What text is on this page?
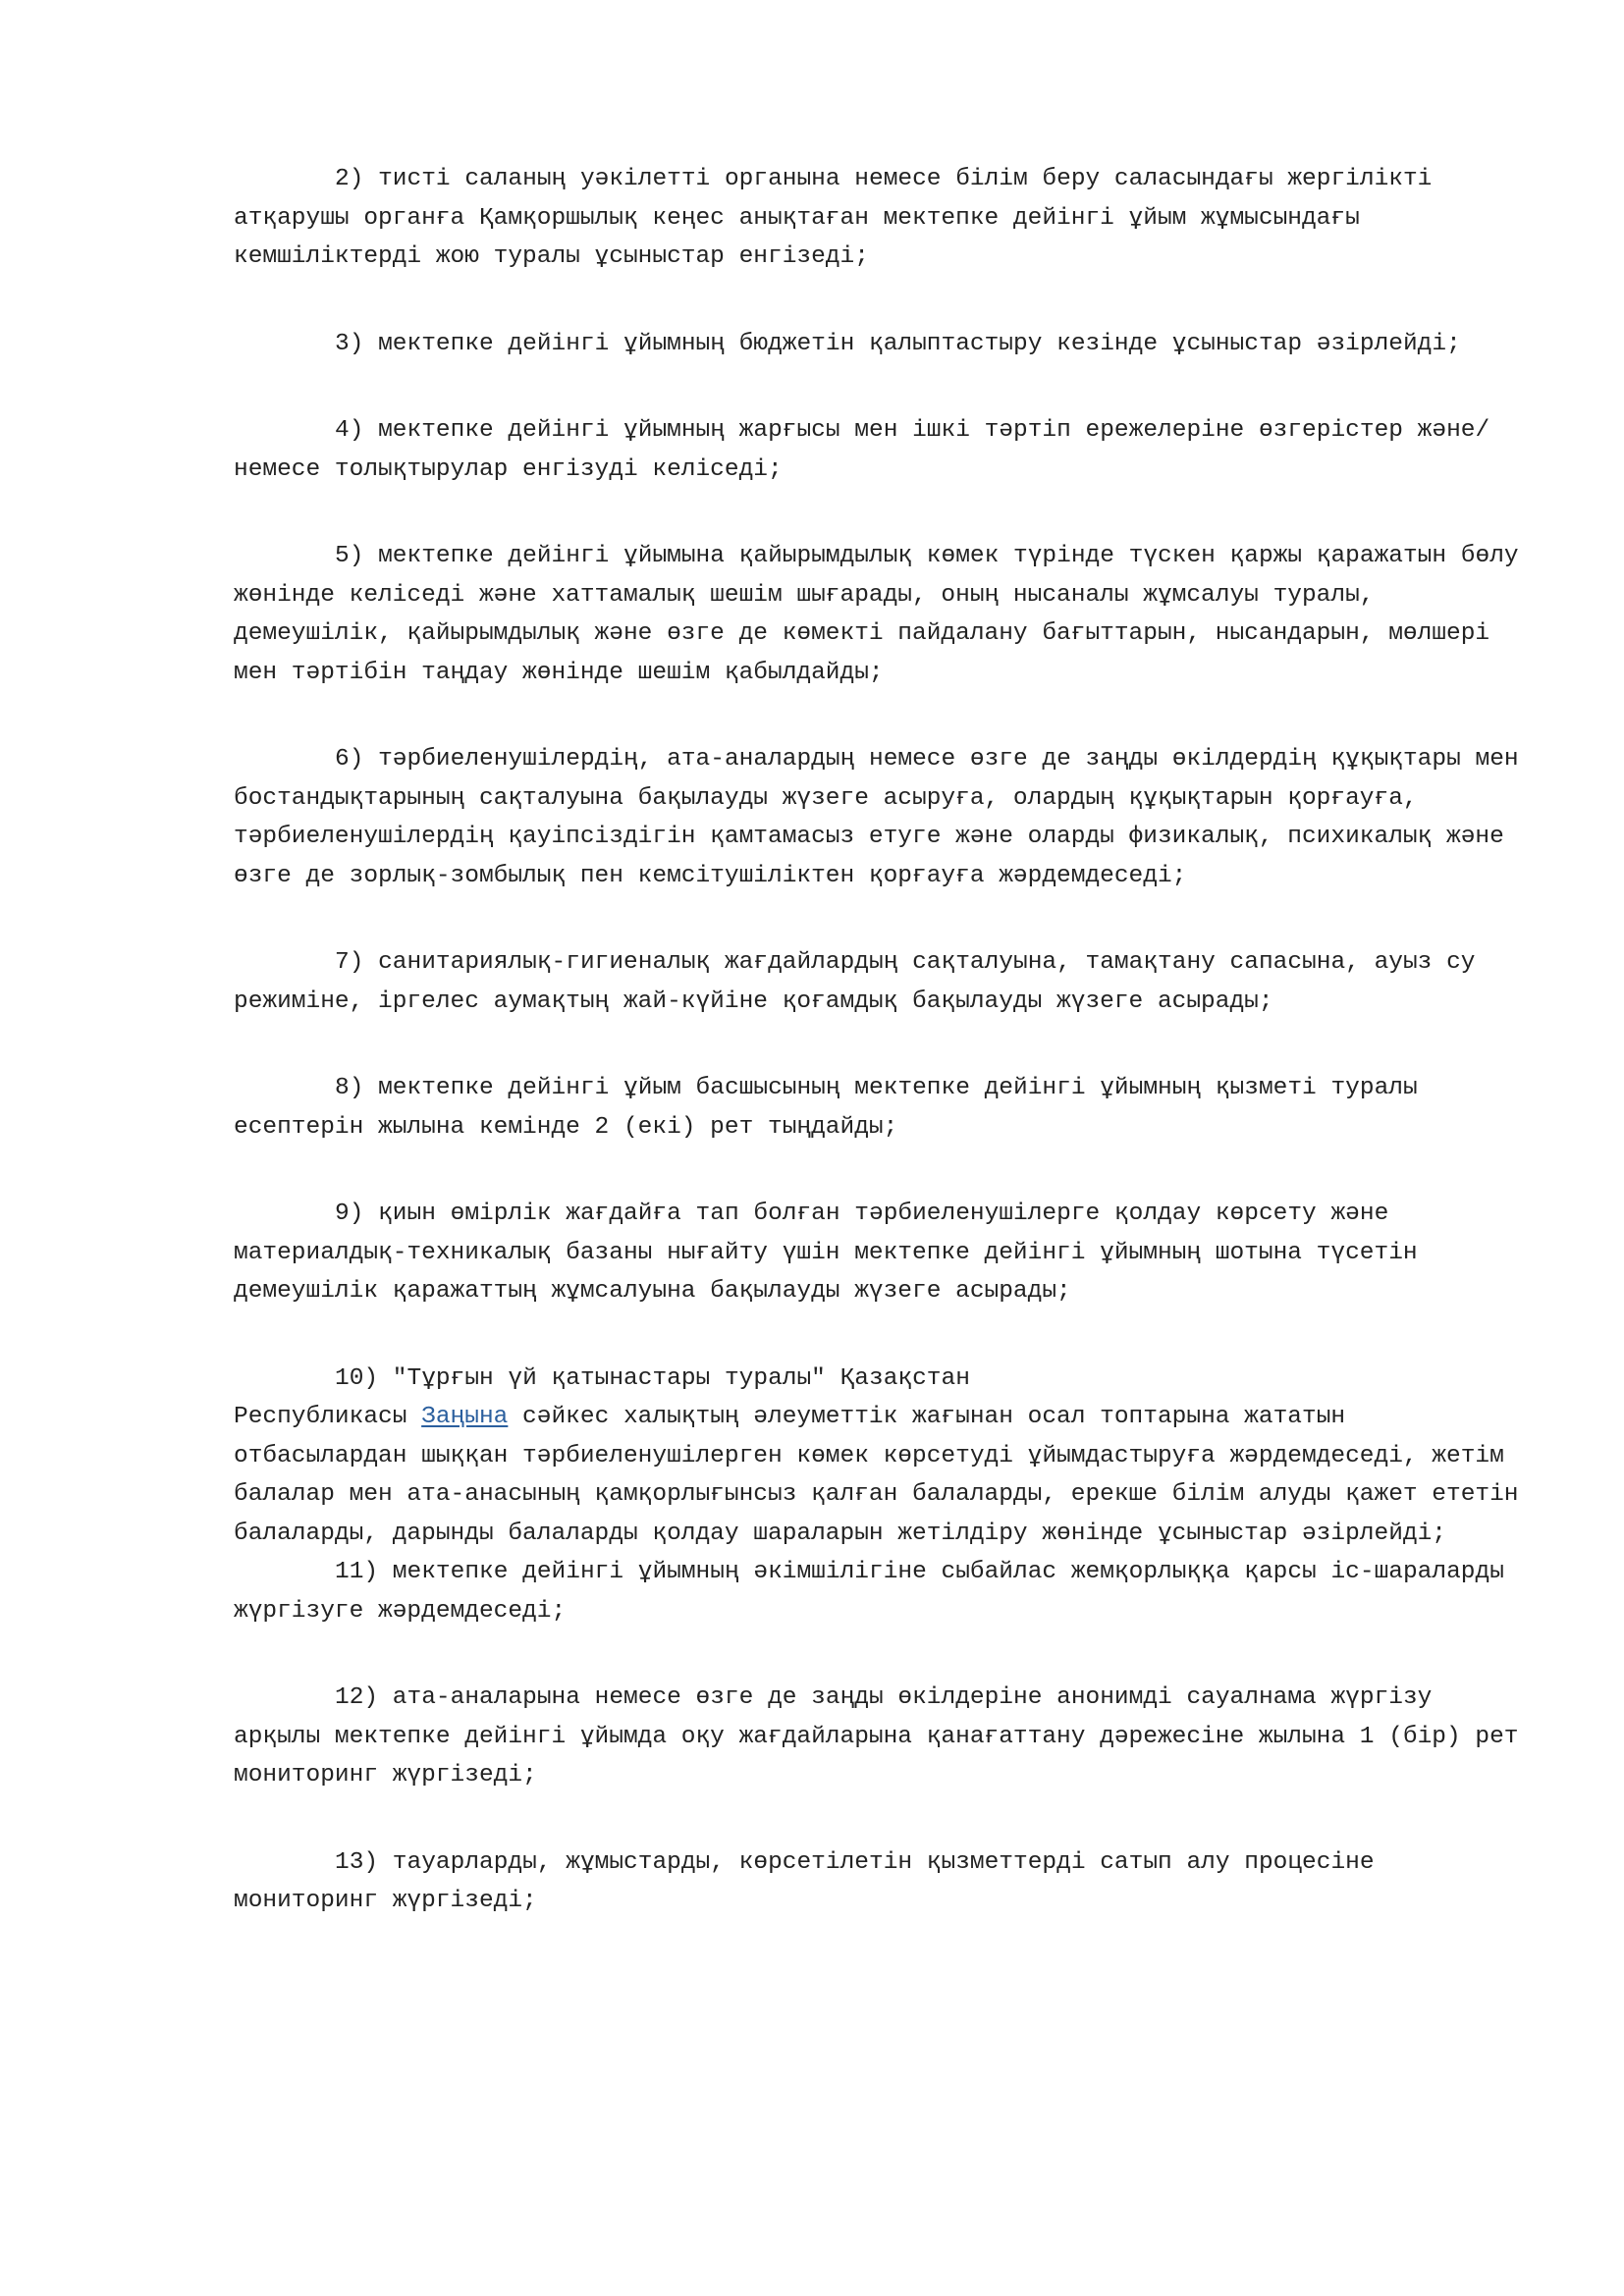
2) тисті саланың уәкілетті органына немесе білім беру саласындағы жергілікті атқарушы органға Қамқоршылық кеңес анықтаған мектепке дейінгі ұйым жұмысындағы кемшіліктерді жою туралы ұсыныстар енгізеді;

3) мектепке дейінгі ұйымның бюджетін қалыптастыру кезінде ұсыныстар әзірлейді;

4) мектепке дейінгі ұйымның жарғысы мен ішкі тәртіп ережелеріне өзгерістер және/немесе толықтырулар енгізуді келіседі;

5) мектепке дейінгі ұйымына қайырымдылық көмек түрінде түскен қаржы қаражатын бөлу жөнінде келіседі және хаттамалық шешім шығарады, оның нысаналы жұмсалуы туралы, демеушілік, қайырымдылық және өзге де көмекті пайдалану бағыттарын, нысандарын, мөлшері мен тәртібін таңдау жөнінде шешім қабылдайды;

6) тәрбиеленушілердің, ата-аналардың немесе өзге де заңды өкілдердің құқықтары мен бостандықтарының сақталуына бақылауды жүзеге асыруға, олардың құқықтарын қорғауға, тәрбиеленушілердің қауіпсіздігін қамтамасыз етуге және оларды физикалық, психикалық және өзге де зорлық-зомбылық пен кемсітушіліктен қорғауға жәрдемдеседі;

7) санитариялық-гигиеналық жағдайлардың сақталуына, тамақтану сапасына, ауыз су режиміне, іргелес аумақтың жай-күйіне қоғамдық бақылауды жүзеге асырады;

8) мектепке дейінгі ұйым басшысының мектепке дейінгі ұйымның қызметі туралы есептерін жылына кемінде 2 (екі) рет тыңдайды;

9) қиын өмірлік жағдайға тап болған тәрбиеленушілерге қолдау көрсету және материалдық-техникалық базаны нығайту үшін мектепке дейінгі ұйымның шотына түсетін демеушілік қаражаттың жұмсалуына бақылауды жүзеге асырады;

10) "Тұрғын үй қатынастары туралы" Қазақстан
Республикасы Заңына сәйкес халықтың әлеуметтік жағынан осал топтарына жататын отбасылардан шыққан тәрбиеленушілерген көмек көрсетуді ұйымдастыруға жәрдемдеседі, жетім балалар мен ата-анасының қамқорлығынсыз қалған балаларды, ерекше білім алуды қажет ететін балаларды, дарынды балаларды қолдау шараларын жетілдіру жөнінде ұсыныстар әзірлейді;

11) мектепке дейінгі ұйымның әкімшілігіне сыбайлас жемқорлыққа қарсы іс-шараларды жүргізуге жәрдемдеседі;

12) ата-аналарына немесе өзге де заңды өкілдеріне анонимді сауалнама жүргізу арқылы мектепке дейінгі ұйымда оқу жағдайларына қанағаттану дәрежесіне жылына 1 (бір) рет мониторинг жүргізеді;

13) тауарларды, жұмыстарды, көрсетілетін қызметтерді сатып алу процесіне мониторинг жүргізеді;
